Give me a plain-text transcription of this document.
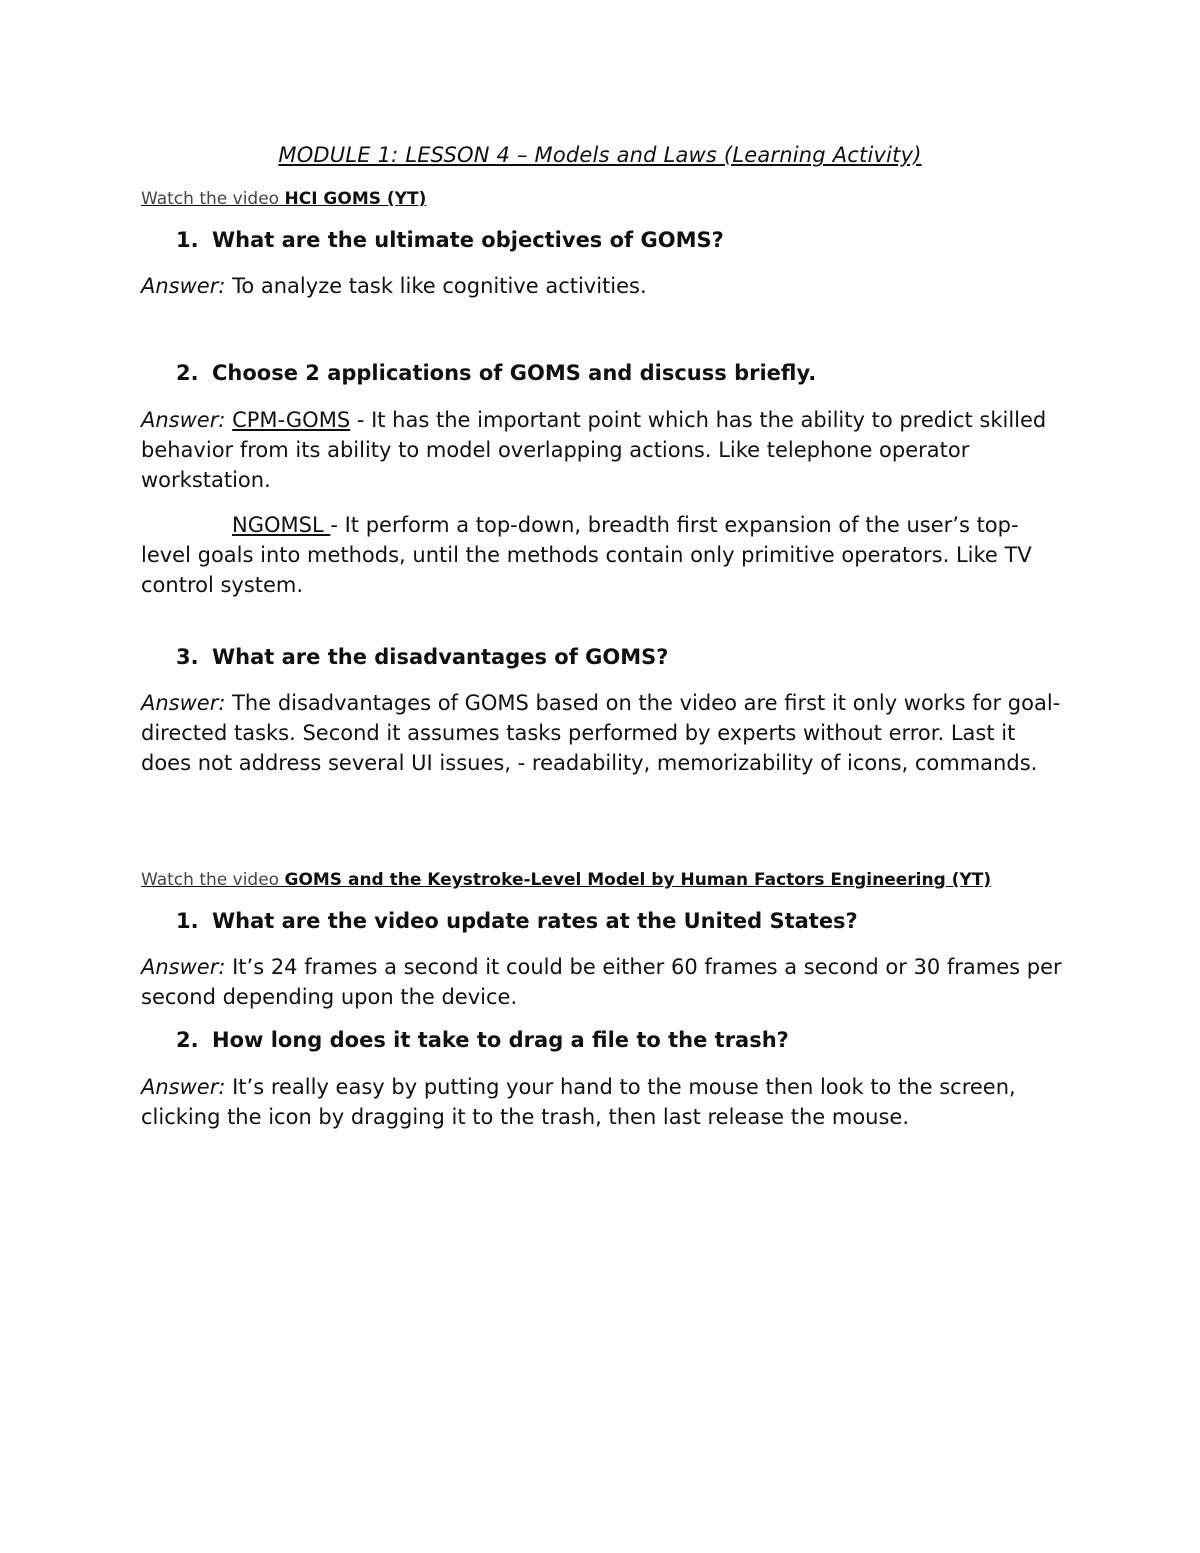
MODULE 1: LESSON 4 – Models and Laws (Learning Activity)
Watch the video HCI GOMS (YT)
1. What are the ultimate objectives of GOMS?
Answer: To analyze task like cognitive activities.
2. Choose 2 applications of GOMS and discuss briefly.
Answer: CPM-GOMS - It has the important point which has the ability to predict skilled behavior from its ability to model overlapping actions. Like telephone operator workstation.
NGOMSL - It perform a top-down, breadth first expansion of the user’s top-level goals into methods, until the methods contain only primitive operators. Like TV control system.
3. What are the disadvantages of GOMS?
Answer: The disadvantages of GOMS based on the video are first it only works for goal-directed tasks. Second it assumes tasks performed by experts without error. Last it does not address several UI issues, - readability, memorizability of icons, commands.
Watch the video GOMS and the Keystroke-Level Model by Human Factors Engineering (YT)
1. What are the video update rates at the United States?
Answer: It’s 24 frames a second it could be either 60 frames a second or 30 frames per second depending upon the device.
2. How long does it take to drag a file to the trash?
Answer: It’s really easy by putting your hand to the mouse then look to the screen, clicking the icon by dragging it to the trash, then last release the mouse.
